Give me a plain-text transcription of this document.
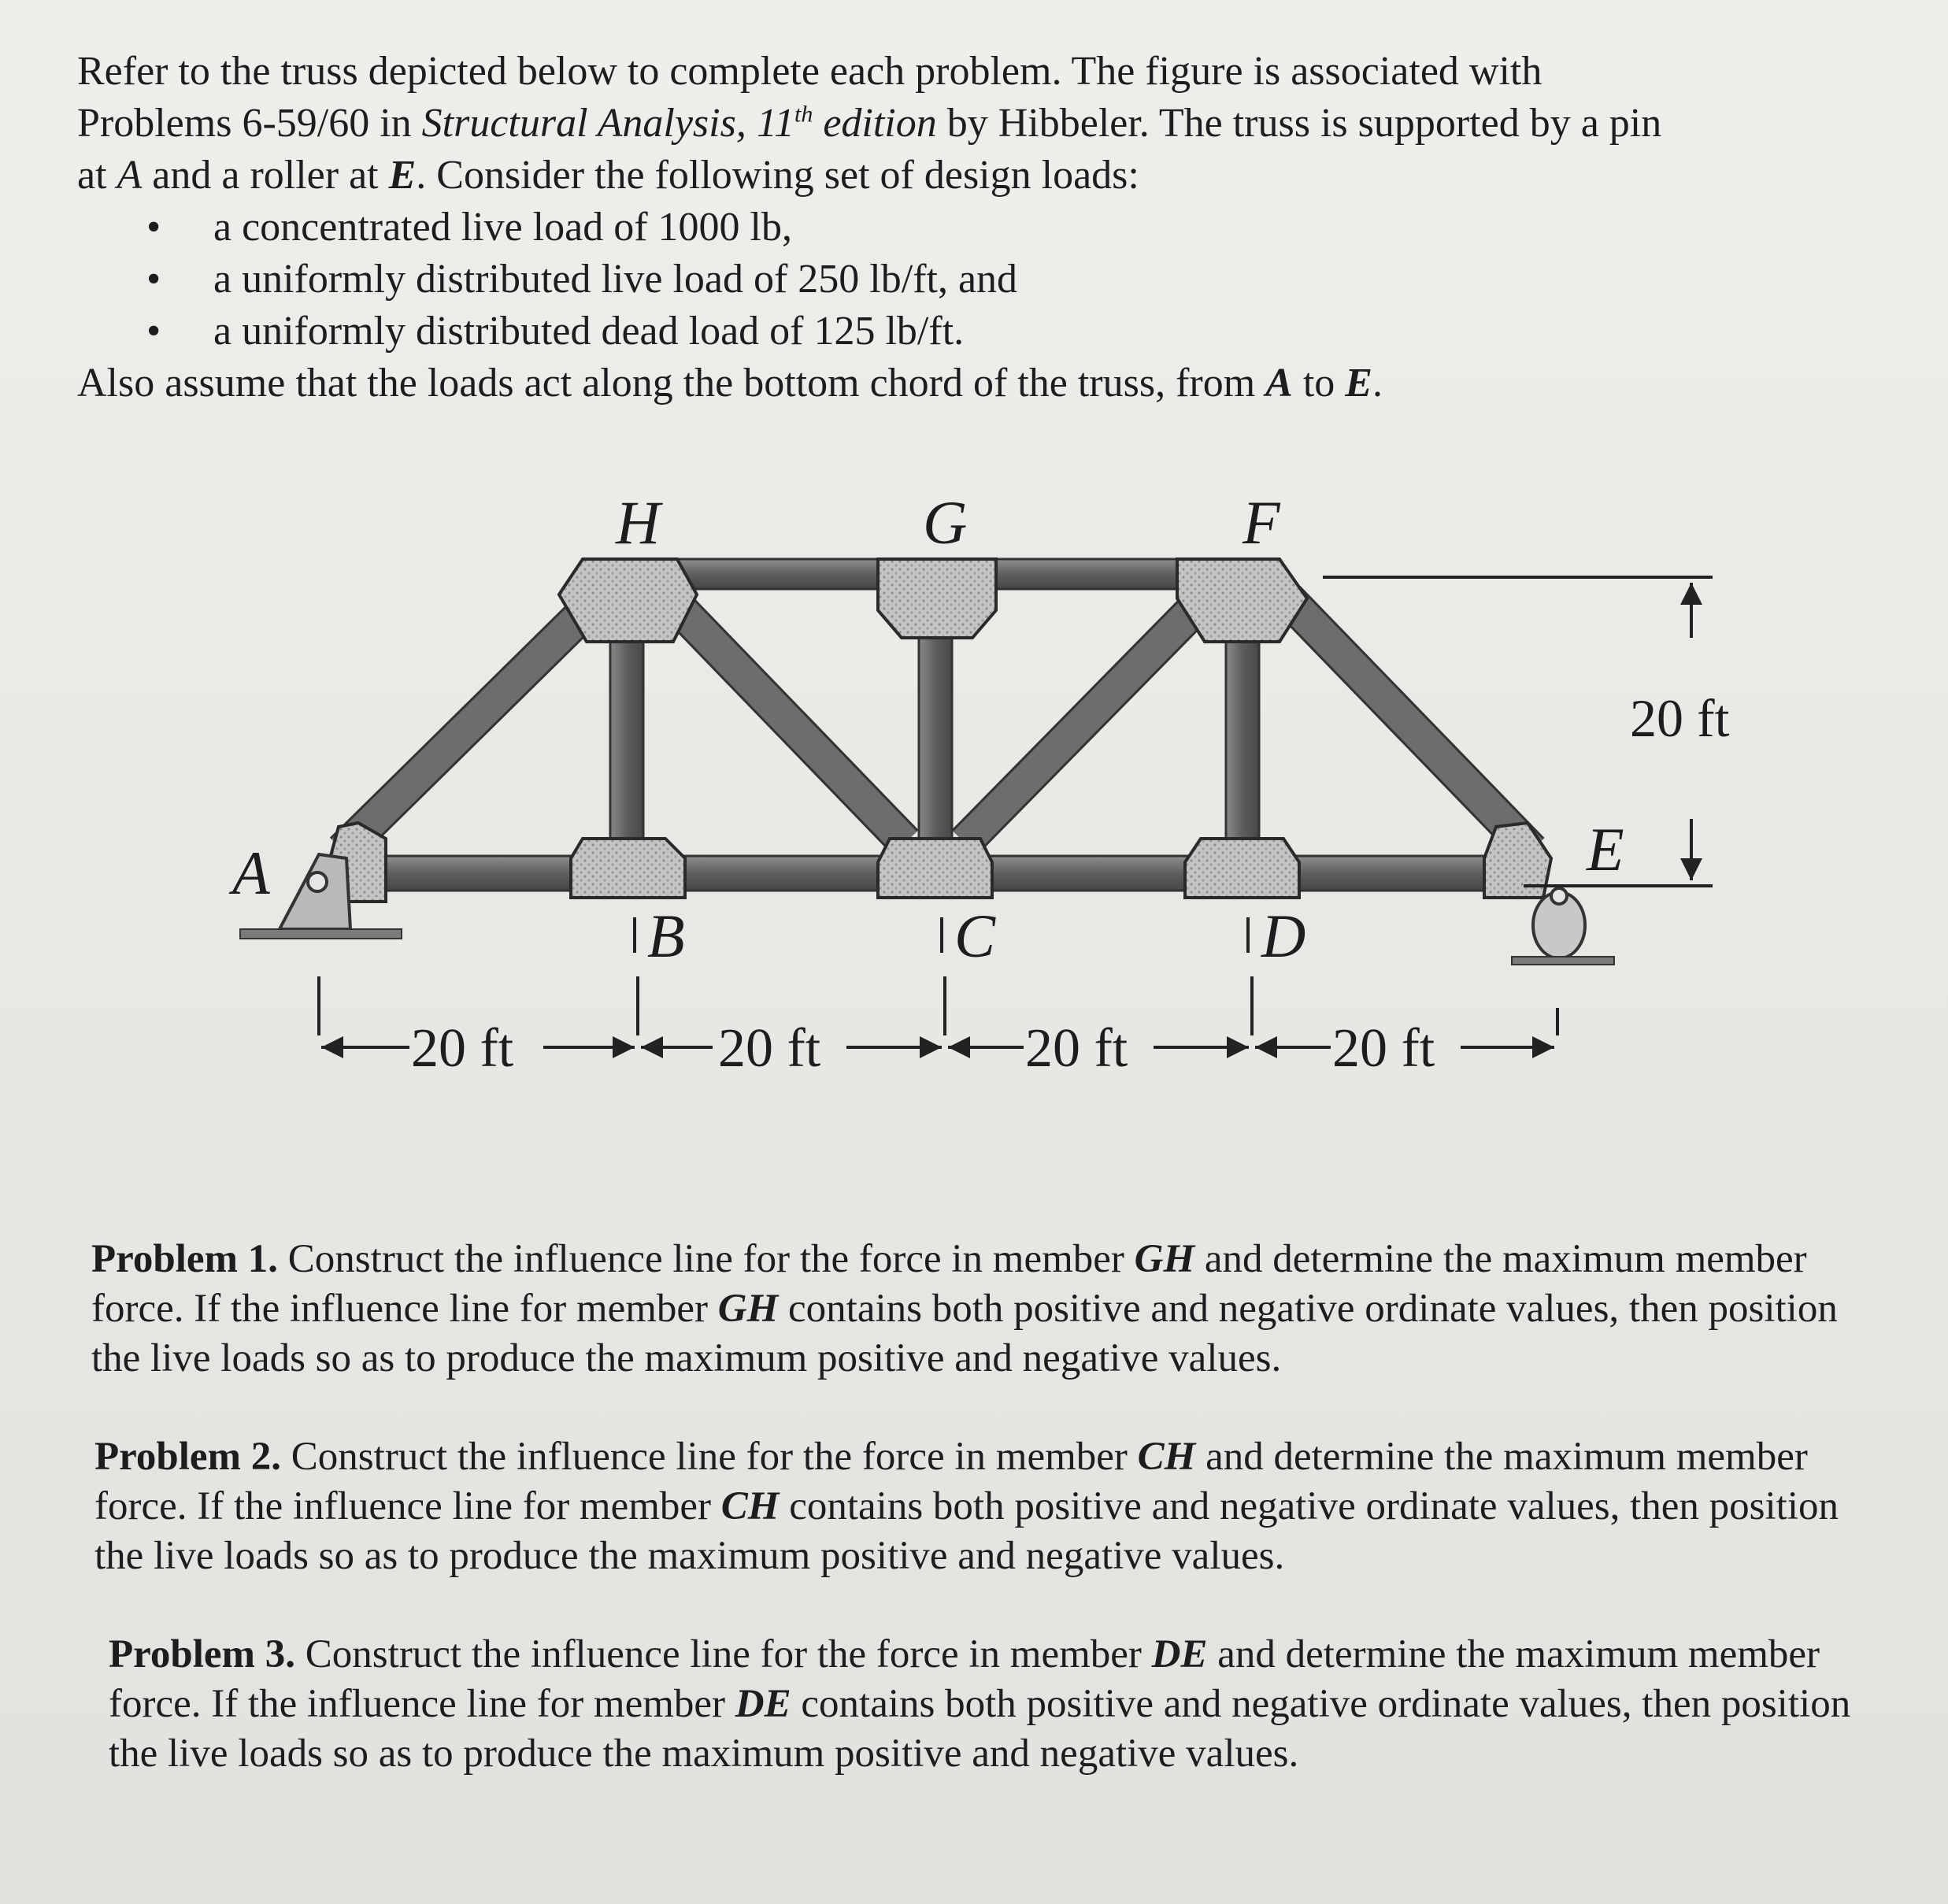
Refer to the truss depicted below to complete each problem. The figure is associated with

Problems 6-59/60 in Structural Analysis, 11th edition by Hibbeler. The truss is supported by a pin

at A and a roller at E. Consider the following set of design loads:

• a concentrated live load of 1000 lb,
• a uniformly distributed live load of 250 lb/ft, and
• a uniformly distributed dead load of 125 lb/ft.

Also assume that the loads act along the bottom chord of the truss, from A to E.

20 ft
H	G	F
A	E
B	C	D
20 ft	20 ft	20 ft	20 ft

Problem 1. Construct the influence line for the force in member GH and determine the maximum member force. If the influence line for member GH contains both positive and negative ordinate values, then position the live loads so as to produce the maximum positive and negative values.

Problem 2. Construct the influence line for the force in member CH and determine the maximum member force. If the influence line for member CH contains both positive and negative ordinate values, then position the live loads so as to produce the maximum positive and negative values.

Problem 3. Construct the influence line for the force in member DE and determine the maximum member force. If the influence line for member DE contains both positive and negative ordinate values, then position the live loads so as to produce the maximum positive and negative values.
